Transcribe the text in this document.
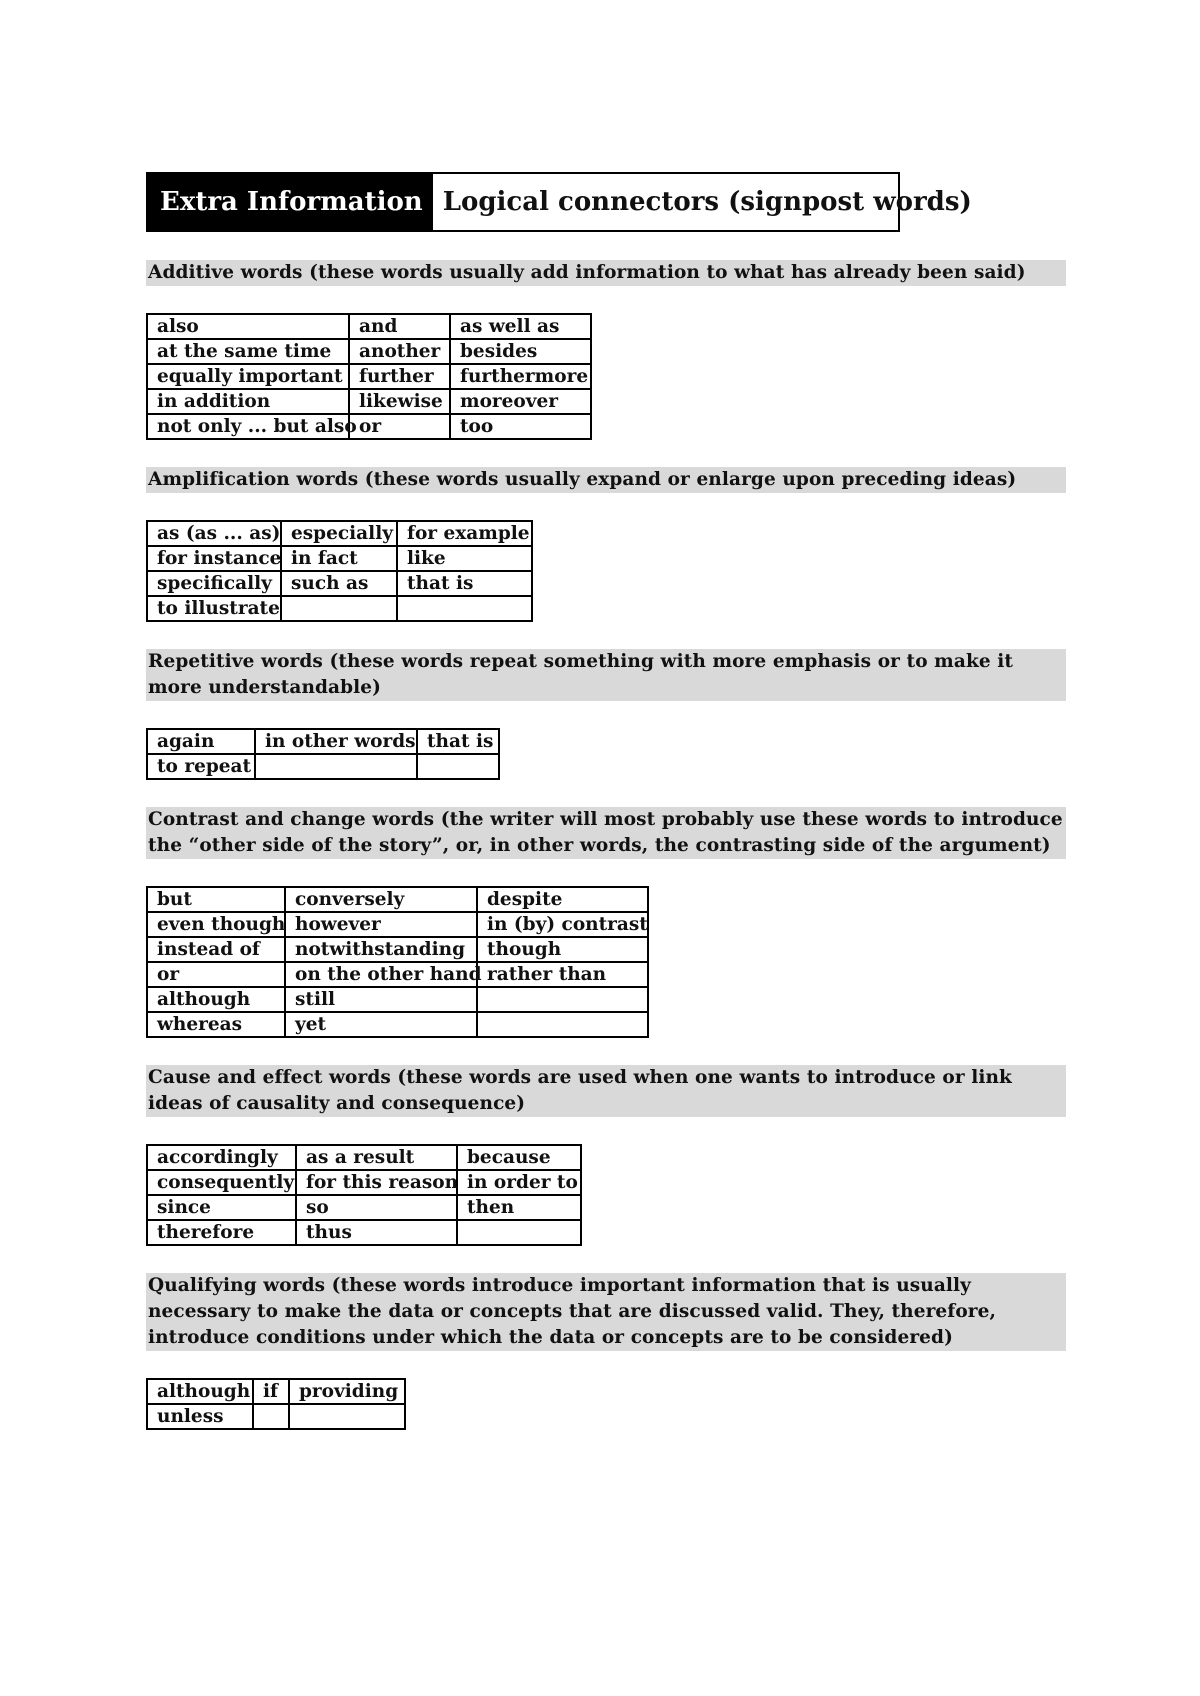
Extra Information Logical connectors (signpost words)
Additive words (these words usually add information to what has already been said)
also	and	as well as
at the same time	another	besides
equally important	further	furthermore
in addition	likewise	moreover
not only ... but also	or	too
Amplification words (these words usually expand or enlarge upon preceding ideas)
as (as ... as)	especially	for example
for instance	in fact	like
specifically	such as	that is
to illustrate		
Repetitive words (these words repeat something with more emphasis or to make it more understandable)
again	in other words	that is
to repeat		
Contrast and change words (the writer will most probably use these words to introduce the “other side of the story”, or, in other words, the contrasting side of the argument)
but	conversely	despite
even though	however	in (by) contrast
instead of	notwithstanding	though
or	on the other hand	rather than
although	still	
whereas	yet	
Cause and effect words (these words are used when one wants to introduce or link ideas of causality and consequence)
accordingly	as a result	because
consequently	for this reason	in order to
since	so	then
therefore	thus	
Qualifying words (these words introduce important information that is usually necessary to make the data or concepts that are discussed valid. They, therefore, introduce conditions under which the data or concepts are to be considered)
although	if	providing
unless		
